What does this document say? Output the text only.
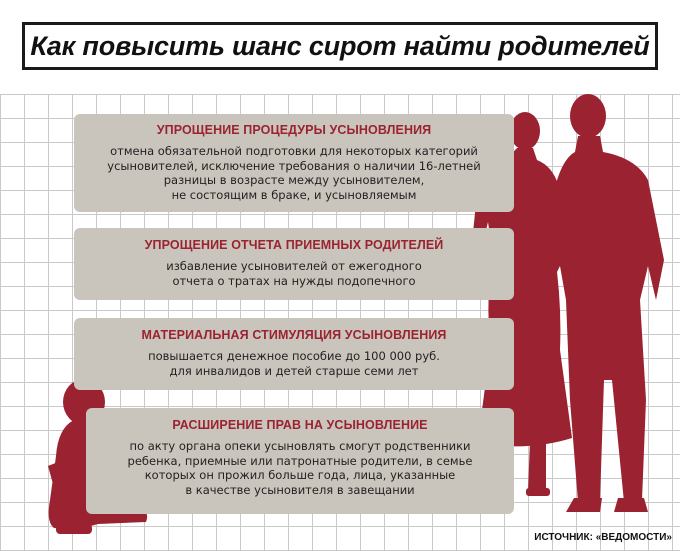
Как повысить шанс сирот найти родителей
УПРОЩЕНИЕ ПРОЦЕДУРЫ УСЫНОВЛЕНИЯ
отмена обязательной подготовки для некоторых категорий
усыновителей, исключение требования о наличии 16-летней
разницы в возрасте между усыновителем,
не состоящим в браке, и усыновляемым
УПРОЩЕНИЕ ОТЧЕТА ПРИЕМНЫХ РОДИТЕЛЕЙ
избавление усыновителей от ежегодного
отчета о тратах на нужды подопечного
МАТЕРИАЛЬНАЯ СТИМУЛЯЦИЯ УСЫНОВЛЕНИЯ
повышается денежное пособие до 100 000 руб.
для инвалидов и детей старше семи лет
РАСШИРЕНИЕ ПРАВ НА УСЫНОВЛЕНИЕ
по акту органа опеки усыновлять смогут родственники
ребенка, приемные или патронатные родители, в семье
которых он прожил больше года, лица, указанные
в качестве усыновителя в завещании
ИСТОЧНИК: «ВЕДОМОСТИ»
